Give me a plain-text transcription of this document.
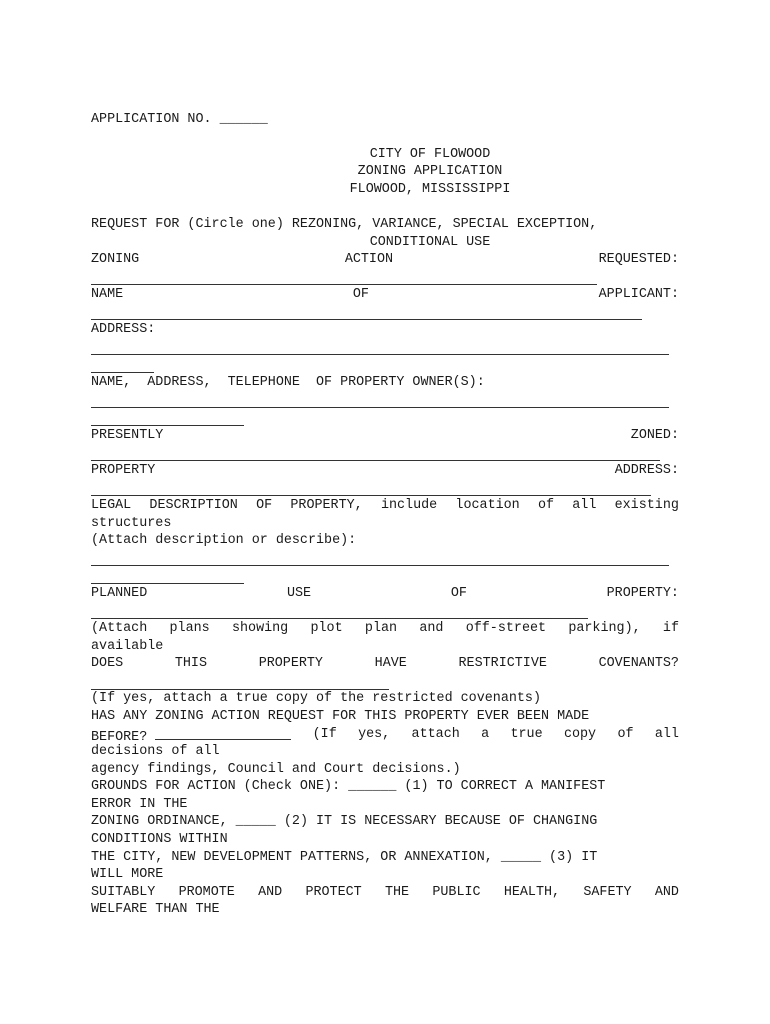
APPLICATION NO. ______
CITY OF FLOWOOD
ZONING APPLICATION
FLOWOOD, MISSISSIPPI
REQUEST FOR (Circle one) REZONING, VARIANCE, SPECIAL EXCEPTION,
CONDITIONAL USE
ZONING	ACTION	REQUESTED:
NAME	OF	APPLICANT:
ADDRESS:
NAME,  ADDRESS,  TELEPHONE  OF PROPERTY OWNER(S):
PRESENTLY	ZONED:
PROPERTY	ADDRESS:
LEGAL DESCRIPTION OF PROPERTY, include location of all existing
structures
(Attach description or describe):
PLANNED	USE	OF	PROPERTY:
(Attach plans showing plot plan and off-street parking), if
available
DOES	THIS	PROPERTY	HAVE	RESTRICTIVE	COVENANTS?
(If yes, attach a true copy of the restricted covenants)
HAS ANY ZONING ACTION REQUEST FOR THIS PROPERTY EVER BEEN MADE
BEFORE?	(If yes, attach a true copy of all
decisions of all
agency findings, Council and Court decisions.)
GROUNDS FOR ACTION (Check ONE): ______ (1) TO CORRECT A MANIFEST
ERROR IN THE
ZONING ORDINANCE, _____ (2) IT IS NECESSARY BECAUSE OF CHANGING
CONDITIONS WITHIN
THE CITY, NEW DEVELOPMENT PATTERNS, OR ANNEXATION, _____ (3) IT
WILL MORE
SUITABLY PROMOTE AND PROTECT THE PUBLIC HEALTH, SAFETY AND
WELFARE THAN THE
